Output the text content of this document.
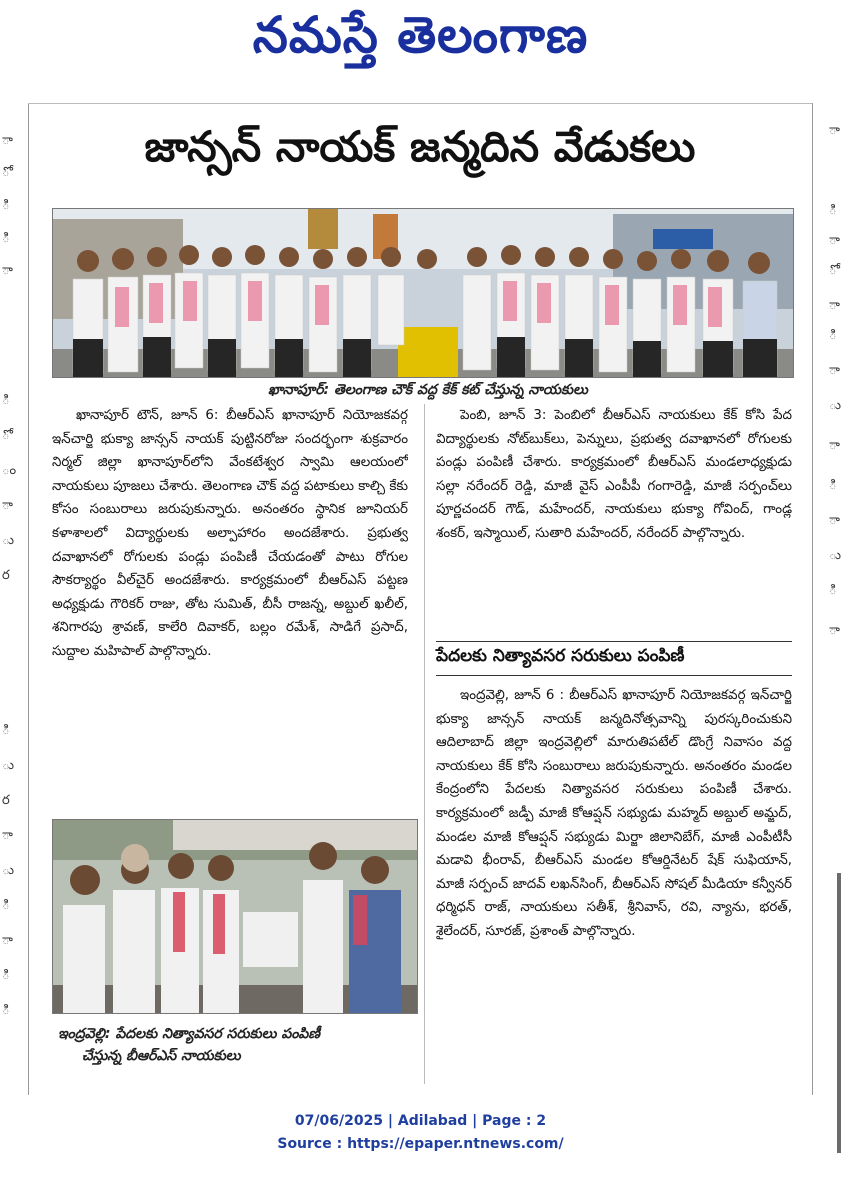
నమస్తే తెలంగాణ
ా
ో
ి
ి
ా
ి
ో
ం
ా
ు
ర
ి
ు
ర
ా
ు
ి
ా
ి
ి
ా
ి
ా
ో
ా
ి
ా
ు
ా
ి
ా
ు
ి
ా
జాన్సన్ నాయక్ జన్మదిన వేడుకలు
ఖానాపూర్: తెలంగాణ చౌక్ వద్ద కేక్ కట్ చేస్తున్న నాయకులు

ఖానాపూర్ టౌన్, జూన్ 6: బీఆర్ఎస్ ఖానాపూర్ నియోజకవర్గ ఇన్‌చార్జి భుక్యా జాన్సన్ నాయక్ పుట్టినరోజు సందర్భంగా శుక్రవారం నిర్మల్ జిల్లా ఖానాపూర్‌లోని వేంకటేశ్వర స్వామి ఆలయంలో నాయకులు పూజలు చేశారు. తెలంగాణ చౌక్ వద్ద పటాకులు కాల్చి కేకు కోసం సంబురాలు జరుపుకున్నారు. అనంతరం స్థానిక జూనియర్ కళాశాలలో విద్యార్థులకు అల్పాహారం అందజేశారు. ప్రభుత్వ దవాఖానలో రోగులకు పండ్లు పంపిణీ చేయడంతో పాటు రోగుల సౌకర్యార్థం వీల్‌చైర్ అందజేశారు. కార్యక్రమంలో బీఆర్ఎస్ పట్టణ అధ్యక్షుడు గౌరికర్ రాజు, తోట సుమిత్, బీసీ రాజన్న, అబ్దుల్ ఖలీల్, శనిగారపు శ్రావణ్, కాలేరి దివాకర్, బల్లం రమేశ్, సాడిగే ప్రసాద్, సుద్దాల మహిపాల్ పాల్గొన్నారు.

ఇంద్రవెల్లి: పేదలకు నిత్యావసర సరుకులు పంపిణీ
చేస్తున్న బీఆర్ఎస్ నాయకులు

పెంబి, జూన్ 3: పెంబిలో బీఆర్ఎస్ నాయకులు కేక్ కోసి పేద విద్యార్థులకు నోట్‌బుక్‌లు, పెన్నులు, ప్రభుత్వ దవాఖానలో రోగులకు పండ్లు పంపిణీ చేశారు. కార్యక్రమంలో బీఆర్ఎస్ మండలాధ్యక్షుడు సల్లా నరేందర్ రెడ్డి, మాజీ వైస్ ఎంపీపీ గంగారెడ్డి, మాజీ సర్పంచ్‌లు పూర్ణచందర్ గౌడ్, మహేందర్, నాయకులు భుక్యా గోవింద్, గాండ్ల శంకర్, ఇస్మాయిల్, సుతారి మహేందర్, నరేందర్ పాల్గొన్నారు.

పేదలకు నిత్యావసర సరుకులు పంపిణీ

ఇంద్రవెల్లి, జూన్ 6 : బీఆర్ఎస్ ఖానాపూర్ నియోజకవర్గ ఇన్‌చార్జి భుక్యా జాన్సన్ నాయక్ జన్మదినోత్సవాన్ని పురస్కరించుకుని ఆదిలాబాద్ జిల్లా ఇంద్రవెల్లిలో మారుతిపటేల్ డొంగ్రే నివాసం వద్ద నాయకులు కేక్ కోసి సంబురాలు జరుపుకున్నారు. అనంతరం మండల కేంద్రంలోని పేదలకు నిత్యావసర సరుకులు పంపిణీ చేశారు. కార్యక్రమంలో జడ్పీ మాజీ కోఆప్షన్ సభ్యుడు మహ్మద్ అబ్దుల్ అమ్జద్, మండల మాజీ కోఆప్షన్ సభ్యుడు మిర్జా జిలానిబేగ్, మాజీ ఎంపీటీసీ మడావి భీంరావ్, బీఆర్ఎస్ మండల కోఆర్డినేటర్ షేక్ సుఫియాన్, మాజీ సర్పంచ్ జాదవ్ లఖన్‌సింగ్, బీఆర్ఎస్ సోషల్ మీడియా కన్వీనర్ ధర్మిధన్ రాజ్, నాయకులు సతీశ్, శ్రీనివాస్, రవి, న్యాను, భరత్, శైలేందర్, సూరజ్, ప్రశాంత్ పాల్గొన్నారు.

07/06/2025 | Adilabad | Page : 2
Source : https://epaper.ntnews.com/
